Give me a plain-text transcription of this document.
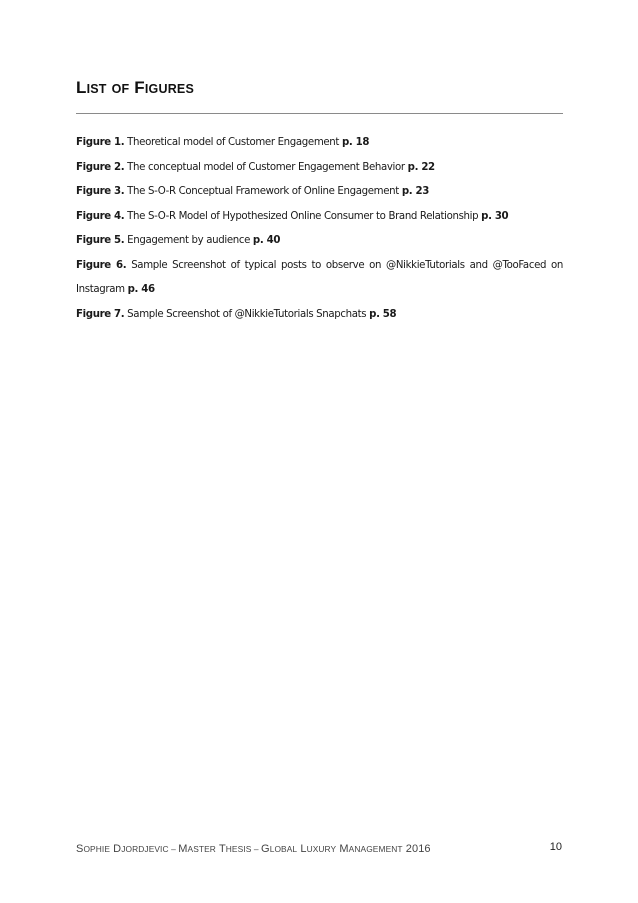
LIST OF FIGURES

Figure 1. Theoretical model of Customer Engagement p. 18

Figure 2. The conceptual model of Customer Engagement Behavior p. 22

Figure 3. The S-O-R Conceptual Framework of Online Engagement p. 23

Figure 4. The S-O-R Model of Hypothesized Online Consumer to Brand Relationship p. 30

Figure 5. Engagement by audience p. 40

Figure 6. Sample Screenshot of typical posts to observe on @NikkieTutorials and @TooFaced on Instagram p. 46

Figure 7. Sample Screenshot of @NikkieTutorials Snapchats p. 58

SOPHIE DJORDJEVIC – MASTER THESIS – GLOBAL LUXURY MANAGEMENT 2016	10
